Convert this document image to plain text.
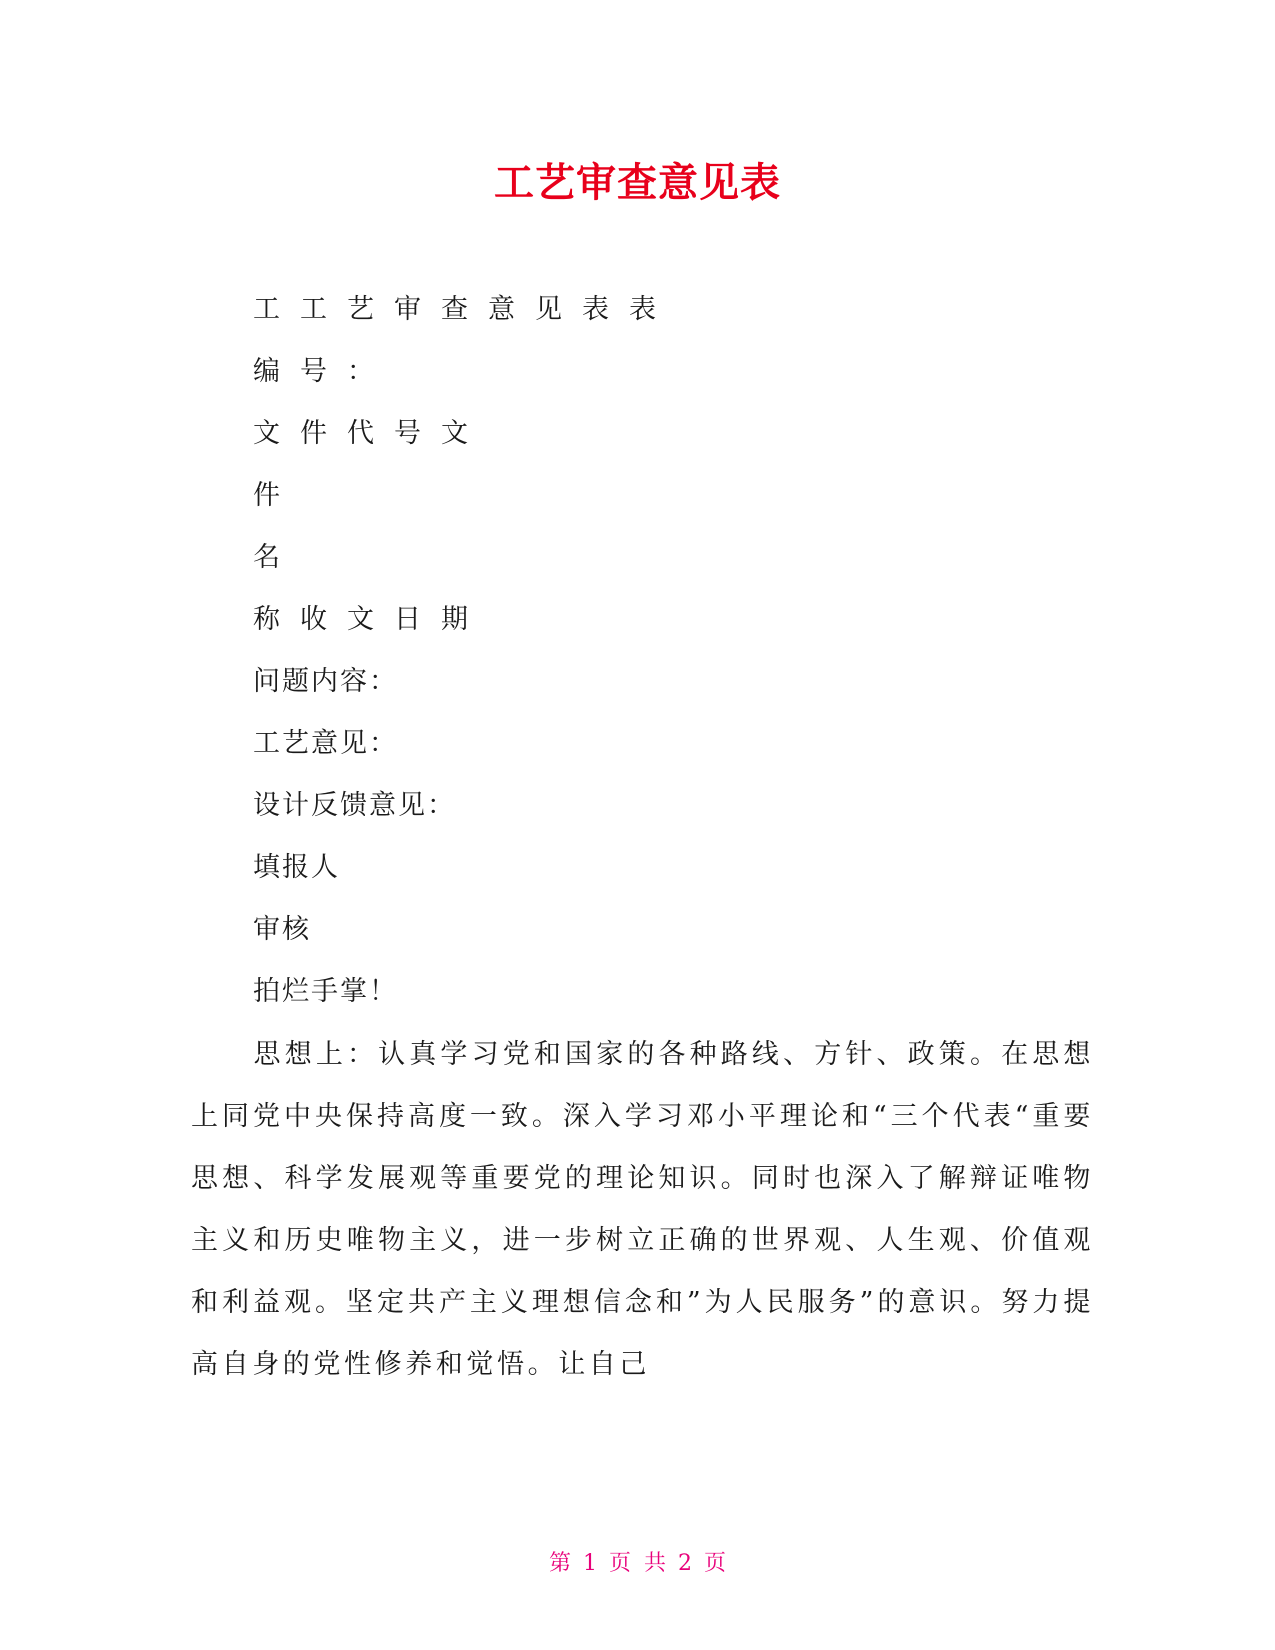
工艺审查意见表
工工艺审查意见表表
编号：
文件代号文
件
名
称收文日期
问题内容：
工艺意见：
设计反馈意见：
填报人
审核
拍烂手掌！
思想上：认真学习党和国家的各种路线、方针、政策。在思想上同党中央保持高度一致。深入学习邓小平理论和“三个代表“重要思想、科学发展观等重要党的理论知识。同时也深入了解辩证唯物主义和历史唯物主义，进一步树立正确的世界观、人生观、价值观和利益观。坚定共产主义理想信念和”为人民服务”的意识。努力提高自身的党性修养和觉悟。让自己
第 1 页 共 2 页
